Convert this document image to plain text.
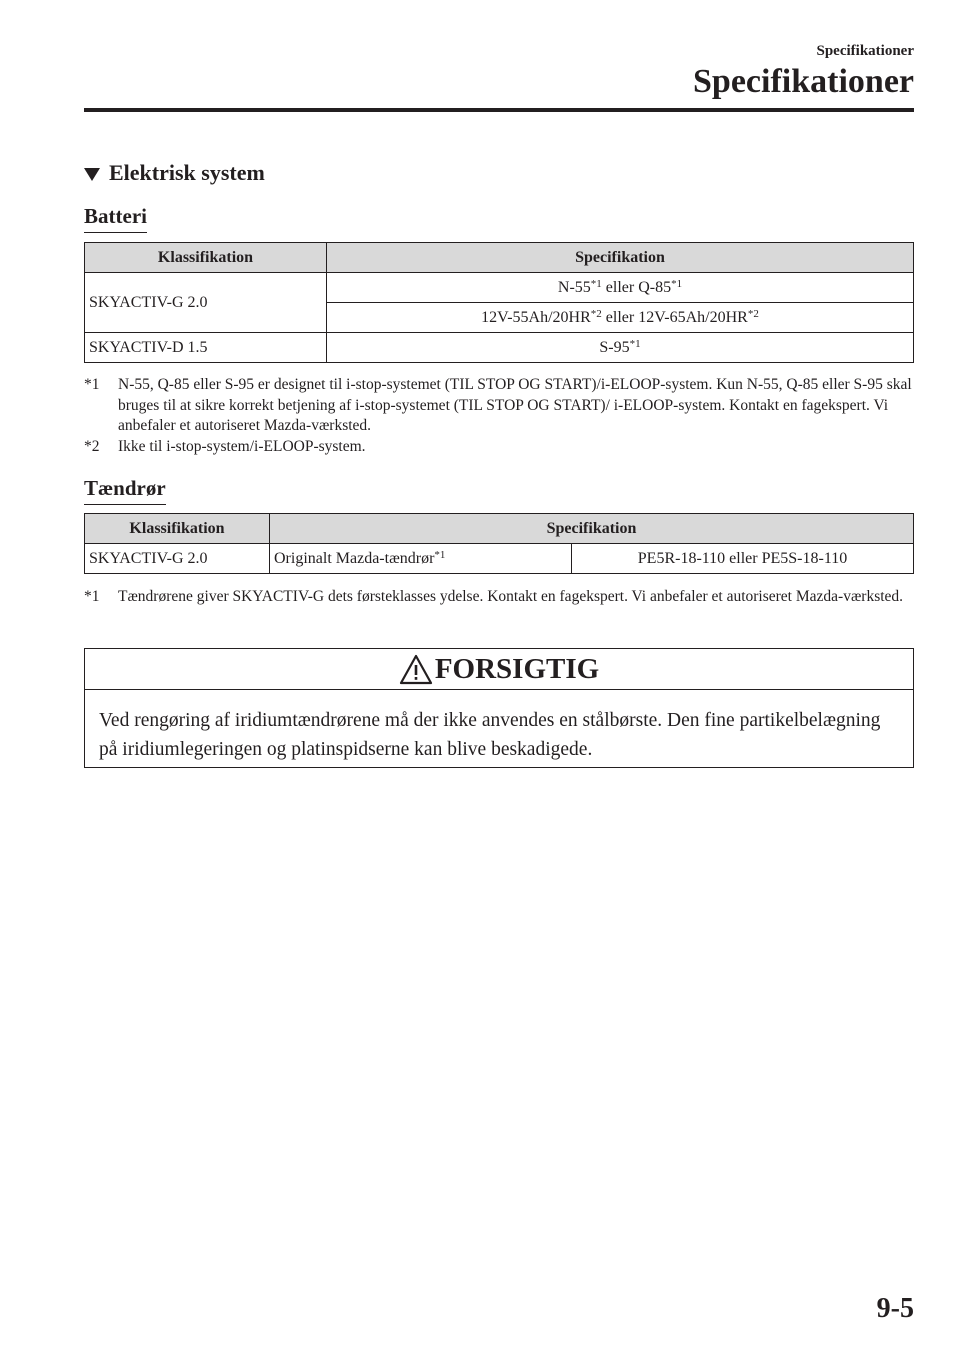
Specifikationer
Specifikationer
Elektrisk system
Batteri
Klassifikation	Specifikation
SKYACTIV-G 2.0	N-55$^{*1}$ eller Q-85$^{*1}$
	12V-55Ah/20HR$^{*2}$ eller 12V-65Ah/20HR$^{*2}$
SKYACTIV-D 1.5	S-95$^{*1}$
*1	N-55, Q-85 eller S-95 er designet til i-stop-systemet (TIL STOP OG START)/i-ELOOP-system. Kun N-55, Q-85 eller S-95 skal bruges til at sikre korrekt betjening af i-stop-systemet (TIL STOP OG START)/ i-ELOOP-system. Kontakt en fagekspert. Vi anbefaler et autoriseret Mazda-værksted.
*2	Ikke til i-stop-system/i-ELOOP-system.
Tændrør
Klassifikation	Specifikation	
SKYACTIV-G 2.0	Originalt Mazda-tændrør$^{*1}$	PE5R-18-110 eller PE5S-18-110
*1	Tændrørene giver SKYACTIV-G dets førsteklasses ydelse. Kontakt en fagekspert. Vi anbefaler et autoriseret Mazda-værksted.
FORSIGTIG
Ved rengøring af iridiumtændrørene må der ikke anvendes en stålbørste. Den fine partikelbelægning på iridiumlegeringen og platinspidserne kan blive beskadigede.
9-5
